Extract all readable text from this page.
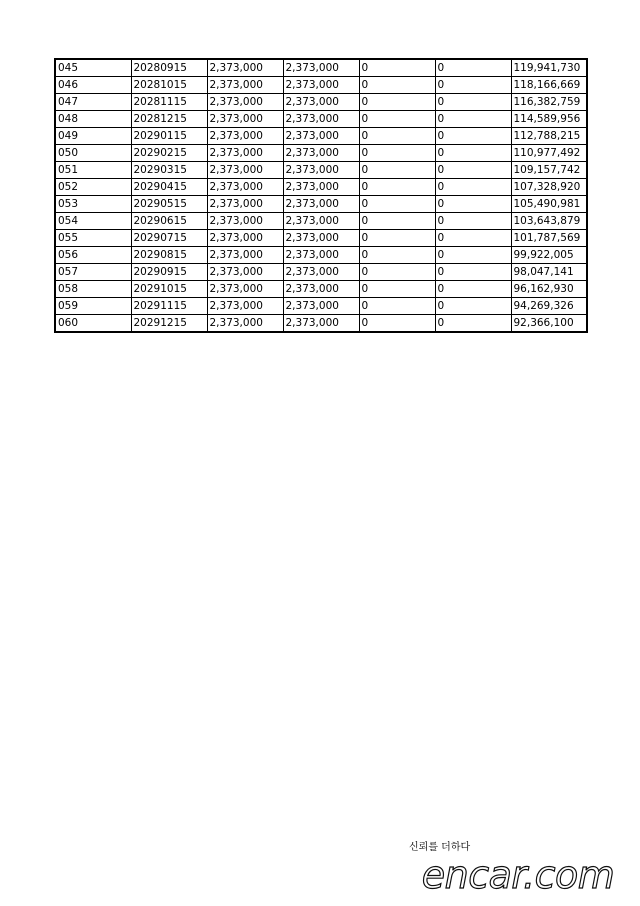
045	20280915	2,373,000	2,373,000	0	0	119,941,730
046	20281015	2,373,000	2,373,000	0	0	118,166,669
047	20281115	2,373,000	2,373,000	0	0	116,382,759
048	20281215	2,373,000	2,373,000	0	0	114,589,956
049	20290115	2,373,000	2,373,000	0	0	112,788,215
050	20290215	2,373,000	2,373,000	0	0	110,977,492
051	20290315	2,373,000	2,373,000	0	0	109,157,742
052	20290415	2,373,000	2,373,000	0	0	107,328,920
053	20290515	2,373,000	2,373,000	0	0	105,490,981
054	20290615	2,373,000	2,373,000	0	0	103,643,879
055	20290715	2,373,000	2,373,000	0	0	101,787,569
056	20290815	2,373,000	2,373,000	0	0	99,922,005
057	20290915	2,373,000	2,373,000	0	0	98,047,141
058	20291015	2,373,000	2,373,000	0	0	96,162,930
059	20291115	2,373,000	2,373,000	0	0	94,269,326
060	20291215	2,373,000	2,373,000	0	0	92,366,100
신뢰를 더하다
encar.com
